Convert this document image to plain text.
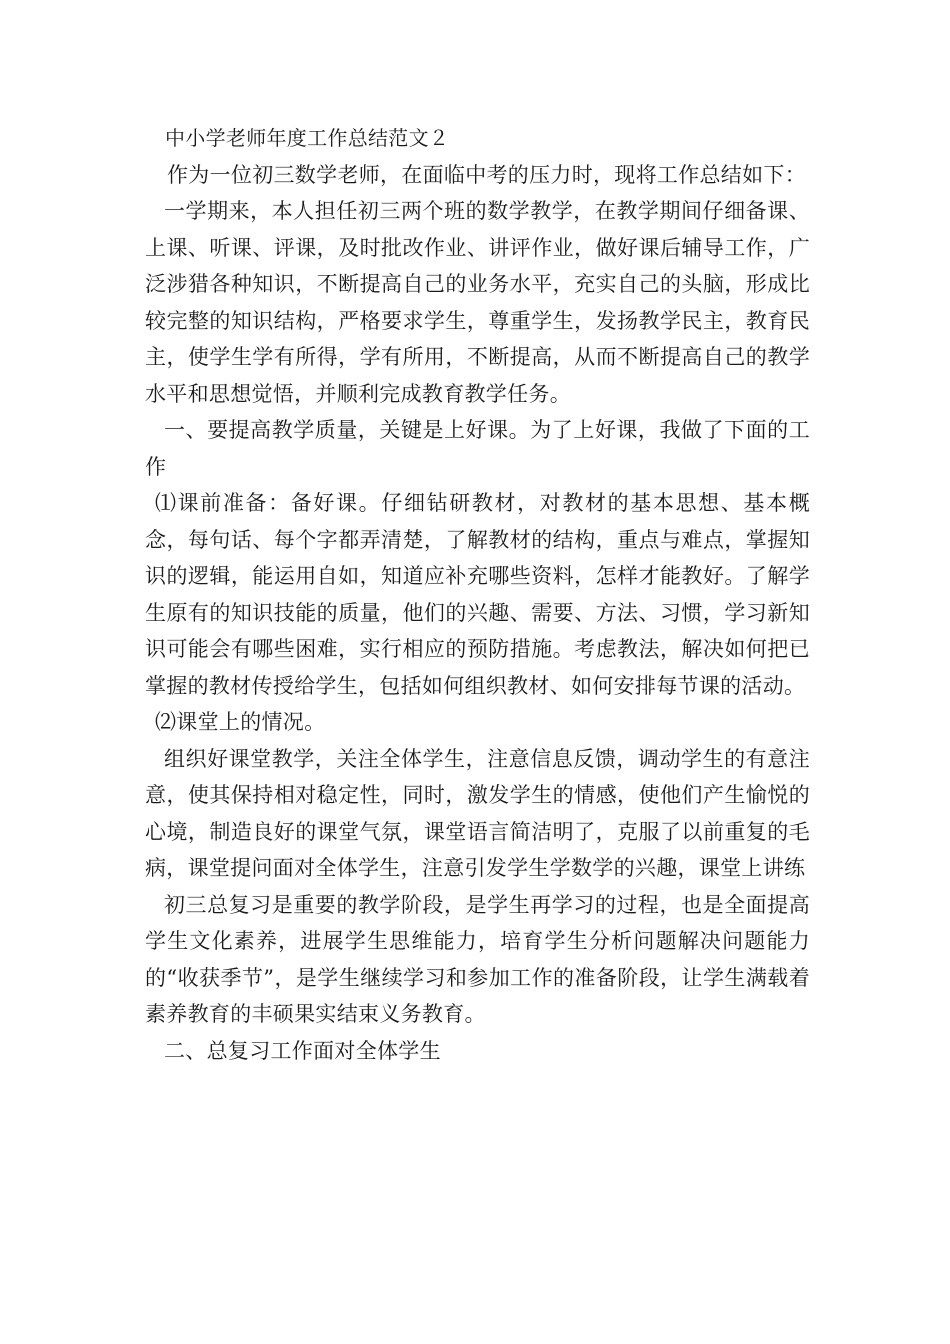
中小学老师年度工作总结范文２

作为一位初三数学老师，在面临中考的压力时，现将工作总结如下：

一学期来，本人担任初三两个班的数学教学，在教学期间仔细备课、上课、听课、评课，及时批改作业、讲评作业，做好课后辅导工作，广泛涉猎各种知识，不断提高自己的业务水平，充实自己的头脑，形成比较完整的知识结构，严格要求学生，尊重学生，发扬教学民主，教育民主，使学生学有所得，学有所用，不断提高，从而不断提高自己的教学水平和思想觉悟，并顺利完成教育教学任务。

一、要提高教学质量，关键是上好课。为了上好课，我做了下面的工作

⑴课前准备：备好课。仔细钻研教材，对教材的基本思想、基本概念，每句话、每个字都弄清楚，了解教材的结构，重点与难点，掌握知识的逻辑，能运用自如，知道应补充哪些资料，怎样才能教好。了解学生原有的知识技能的质量，他们的兴趣、需要、方法、习惯，学习新知识可能会有哪些困难，实行相应的预防措施。考虑教法，解决如何把已掌握的教材传授给学生，包括如何组织教材、如何安排每节课的活动。

⑵课堂上的情况。

组织好课堂教学，关注全体学生，注意信息反馈，调动学生的有意注意，使其保持相对稳定性，同时，激发学生的情感，使他们产生愉悦的心境，制造良好的课堂气氛，课堂语言简洁明了，克服了以前重复的毛病，课堂提问面对全体学生，注意引发学生学数学的兴趣，课堂上讲练

初三总复习是重要的教学阶段，是学生再学习的过程，也是全面提高学生文化素养，进展学生思维能力，培育学生分析问题解决问题能力的“收获季节”，是学生继续学习和参加工作的准备阶段，让学生满载着素养教育的丰硕果实结束义务教育。

二、总复习工作面对全体学生
